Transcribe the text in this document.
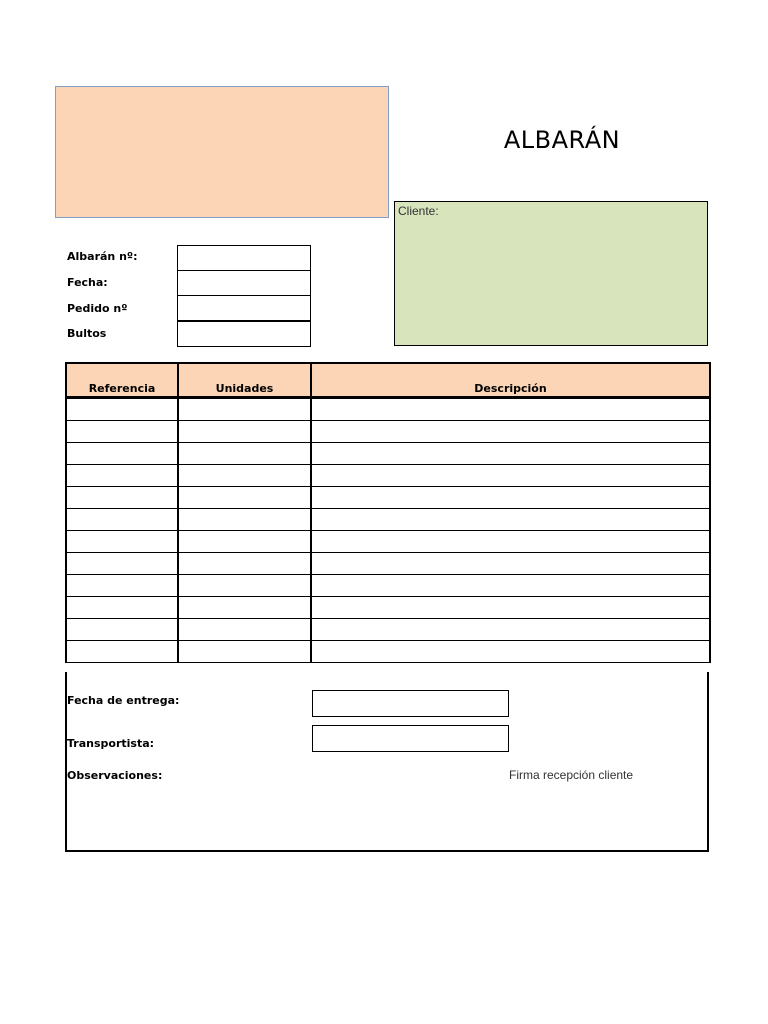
ALBARÁN
Cliente:
Albarán nº:
Fecha:
Pedido nº
Bultos
Referencia	Unidades	Descripción

Fecha de entrega:
Transportista:
Observaciones:	Firma recepción cliente
